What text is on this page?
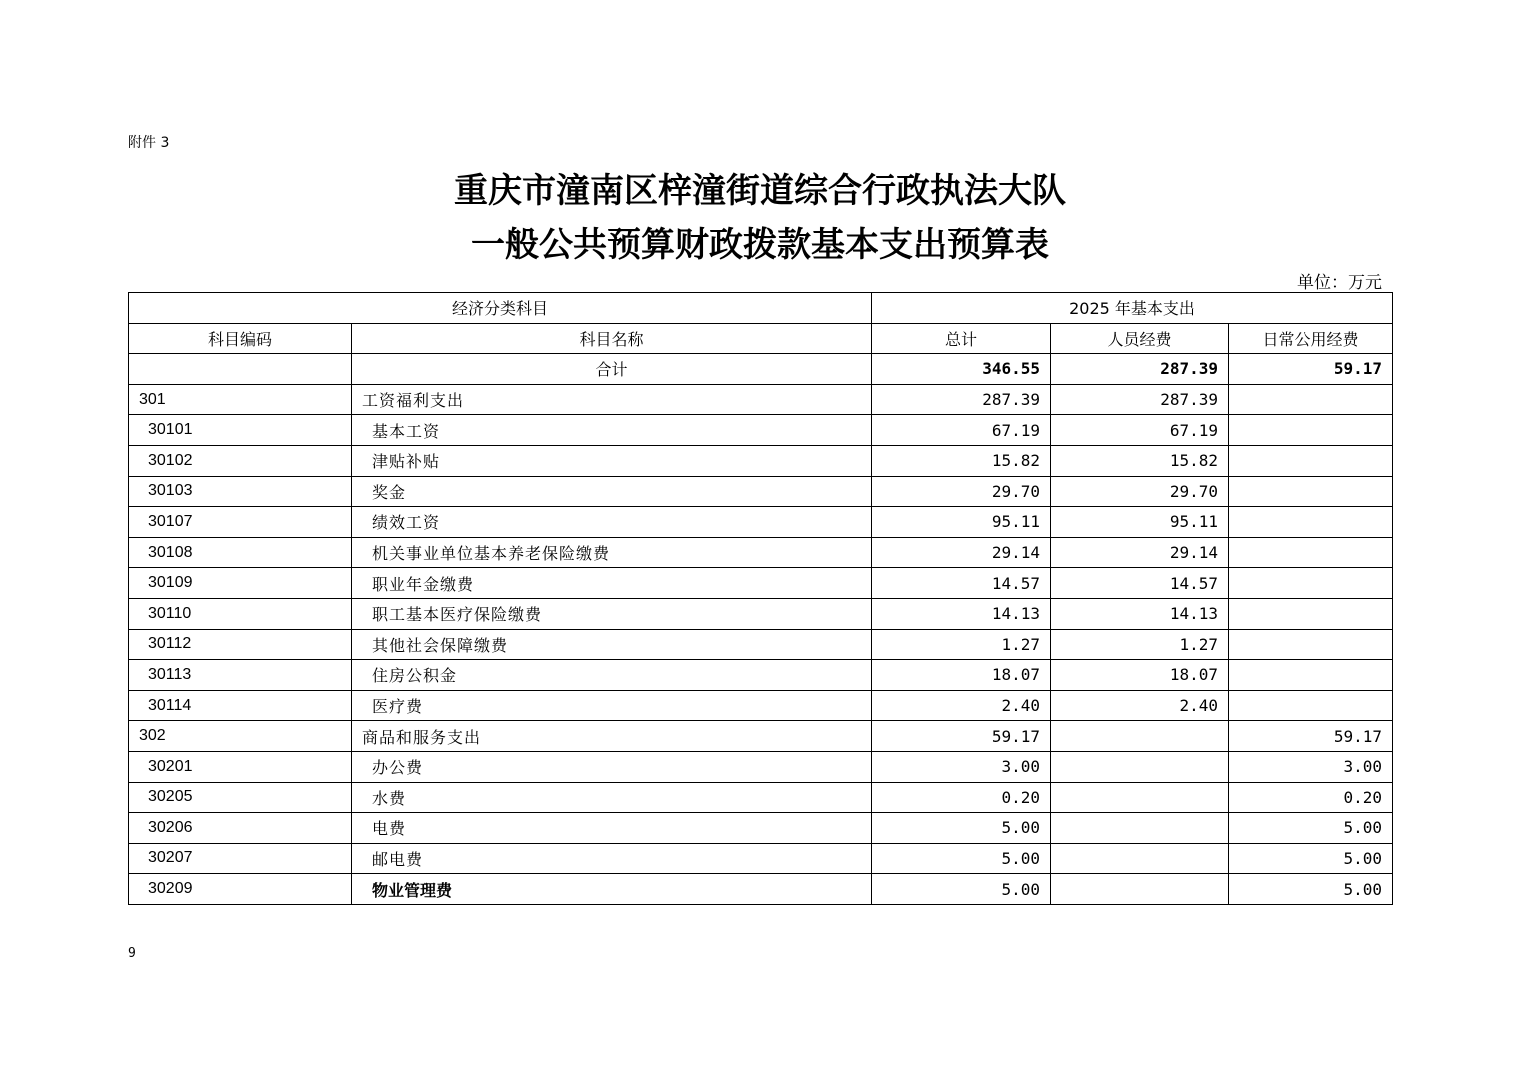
附件 3
重庆市潼南区梓潼街道综合行政执法大队
一般公共预算财政拨款基本支出预算表
单位：万元
经济分类科目		2025 年基本支出		
科目编码	科目名称	总计	人员经费	日常公用经费
	合计	346.55	287.39	59.17
301	工资福利支出	287.39	287.39	
30101	基本工资	67.19	67.19	
30102	津贴补贴	15.82	15.82	
30103	奖金	29.70	29.70	
30107	绩效工资	95.11	95.11	
30108	机关事业单位基本养老保险缴费	29.14	29.14	
30109	职业年金缴费	14.57	14.57	
30110	职工基本医疗保险缴费	14.13	14.13	
30112	其他社会保障缴费	1.27	1.27	
30113	住房公积金	18.07	18.07	
30114	医疗费	2.40	2.40	
302	商品和服务支出	59.17		59.17
30201	办公费	3.00		3.00
30205	水费	0.20		0.20
30206	电费	5.00		5.00
30207	邮电费	5.00		5.00
30209	物业管理费	5.00		5.00
9
